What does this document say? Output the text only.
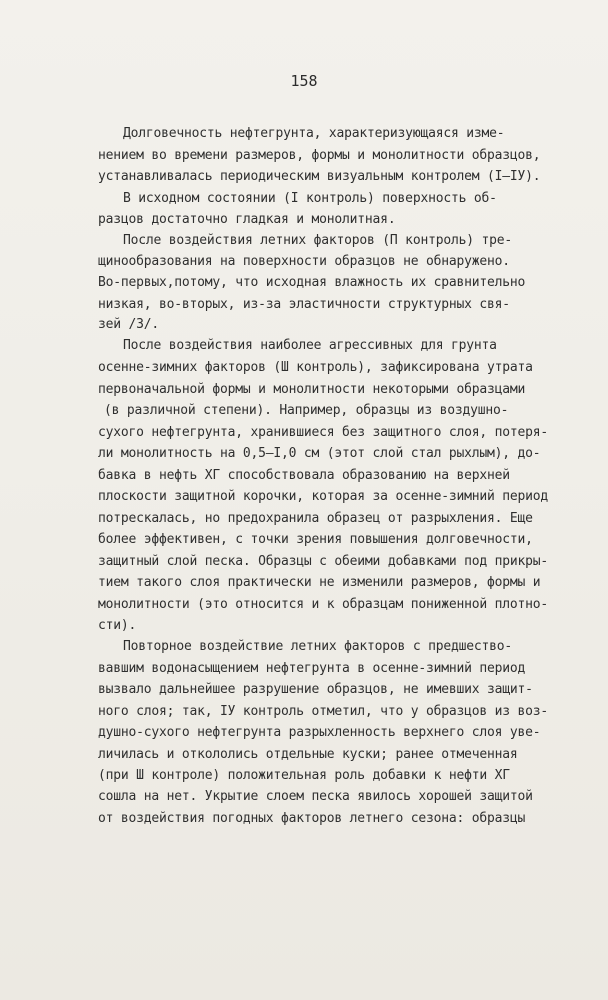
158
Долговечность нефтегрунта, характеризующаяся изме-
нением во времени размеров, формы и монолитности образцов,
устанавливалась периодическим визуальным контролем (I–IУ).
В исходном состоянии (I контроль) поверхность об-
разцов достаточно гладкая и монолитная.
После воздействия летних факторов (П контроль) тре-
щинообразования на поверхности образцов не обнаружено.
Во-первых,потому, что исходная влажность их сравнительно
низкая, во-вторых, из-за эластичности структурных свя-
зей /3/.
После воздействия наиболее агрессивных для грунта
осенне-зимних факторов (Ш контроль), зафиксирована утрата
первоначальной формы и монолитности некоторыми образцами
(в различной степени). Например, образцы из воздушно-
сухого нефтегрунта, хранившиеся без защитного слоя, потеря-
ли монолитность на 0,5–I,0 см (этот слой стал рыхлым), до-
бавка в нефть ХГ способствовала образованию на верхней
плоскости защитной корочки, которая за осенне-зимний период
потрескалась, но предохранила образец от разрыхления. Еще
более эффективен, с точки зрения повышения долговечности,
защитный слой песка. Образцы с обеими добавками под прикры-
тием такого слоя практически не изменили размеров, формы и
монолитности (это относится и к образцам пониженной плотно-
сти).
Повторное воздействие летних факторов с предшество-
вавшим водонасыщением нефтегрунта в осенне-зимний период
вызвало дальнейшее разрушение образцов, не имевших защит-
ного слоя; так, IУ контроль отметил, что у образцов из воз-
душно-сухого нефтегрунта разрыхленность верхнего слоя уве-
личилась и откололись отдельные куски; ранее отмеченная
(при Ш контроле) положительная роль добавки к нефти ХГ
сошла на нет. Укрытие слоем песка явилось хорошей защитой
от воздействия погодных факторов летнего сезона: образцы
